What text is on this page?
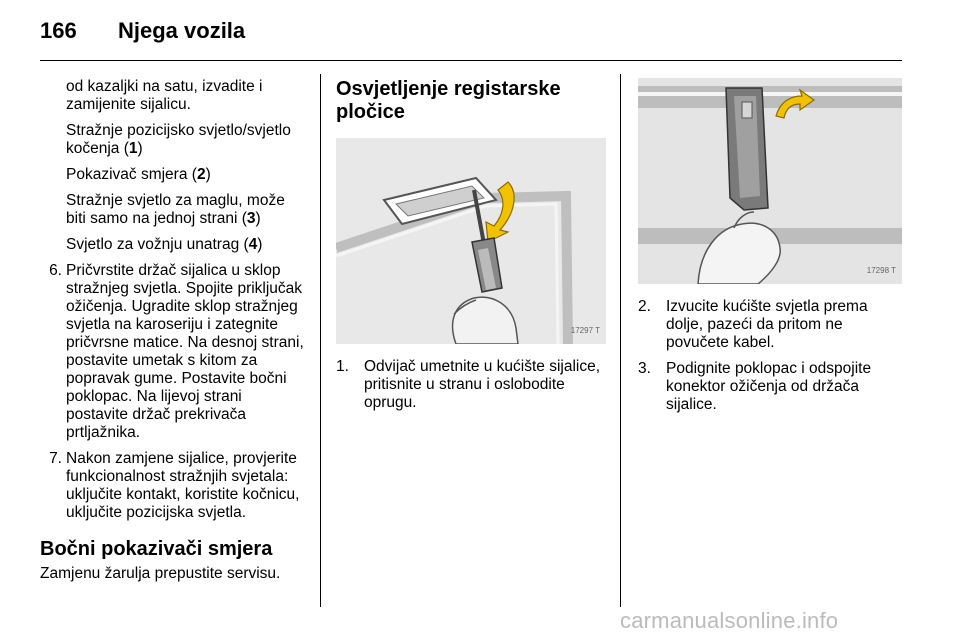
166 Njega vozila

od kazaljki na satu, izvadite i zamijenite sijalicu.

Stražnje pozicijsko svjetlo/svjetlo kočenja (1)

Pokazivač smjera (2)

Stražnje svjetlo za maglu, može biti samo na jednoj strani (3)

Svjetlo za vožnju unatrag (4)

6. Pričvrstite držač sijalica u sklop stražnjeg svjetla. Spojite priključak ožičenja. Ugradite sklop stražnjeg svjetla na karoseriju i zategnite pričvrsne matice. Na desnoj strani, postavite umetak s kitom za popravak gume. Postavite bočni poklopac. Na lijevoj strani postavite držač prekrivača prtljažnika.
7. Nakon zamjene sijalice, provjerite funkcionalnost stražnjih svjetala: uključite kontakt, koristite kočnicu, uključite pozicijska svjetla.
Bočni pokazivači smjera
Zamjenu žarulja prepustite servisu.
Osvjetljenje registarske pločice
17297 T
1. Odvijač umetnite u kućište sijalice, pritisnite u stranu i oslobodite oprugu.
17298 T
2. Izvucite kućište svjetla prema dolje, pazeći da pritom ne povučete kabel.
3. Podignite poklopac i odspojite konektor ožičenja od držača sijalice.
carmanualsonline.info
